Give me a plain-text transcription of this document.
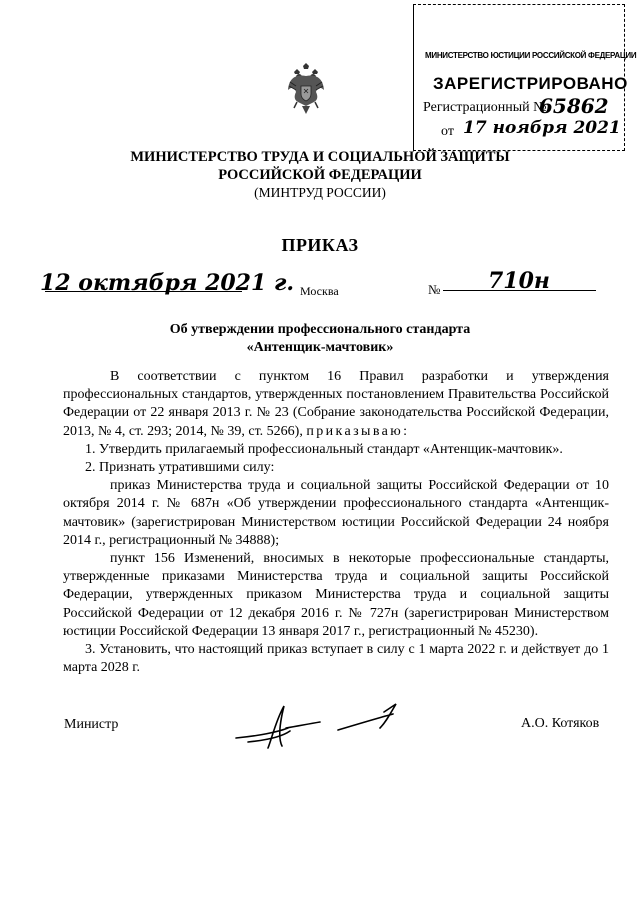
МИНИСТЕРСТВО ЮСТИЦИИ РОССИЙСКОЙ ФЕДЕРАЦИИ
ЗАРЕГИСТРИРОВАНО
Регистрационный №
65862
от 17 ноября 2021
МИНИСТЕРСТВО ТРУДА И СОЦИАЛЬНОЙ ЗАЩИТЫ
РОССИЙСКОЙ ФЕДЕРАЦИИ
(МИНТРУД РОССИИ)
ПРИКАЗ
12 октября 2021 г. Москва	№ 710н
Об утверждении профессионального стандарта
«Антенщик-мачтовик»

В соответствии с пунктом 16 Правил разработки и утверждения профессиональных стандартов, утвержденных постановлением Правительства Российской Федерации от 22 января 2013 г. № 23 (Собрание законодательства Российской Федерации, 2013, № 4, ст. 293; 2014, № 39, ст. 5266), приказываю:

1. Утвердить прилагаемый профессиональный стандарт «Антенщик-мачтовик».

2. Признать утратившими силу:

приказ Министерства труда и социальной защиты Российской Федерации от 10 октября 2014 г. № 687н «Об утверждении профессионального стандарта «Антенщик-мачтовик» (зарегистрирован Министерством юстиции Российской Федерации 24 ноября 2014 г., регистрационный № 34888);

пункт 156 Изменений, вносимых в некоторые профессиональные стандарты, утвержденные приказами Министерства труда и социальной защиты Российской Федерации, утвержденных приказом Министерства труда и социальной защиты Российской Федерации от 12 декабря 2016 г. № 727н (зарегистрирован Министерством юстиции Российской Федерации 13 января 2017 г., регистрационный № 45230).

3. Установить, что настоящий приказ вступает в силу с 1 марта 2022 г. и действует до 1 марта 2028 г.

Министр	А.О. Котяков
